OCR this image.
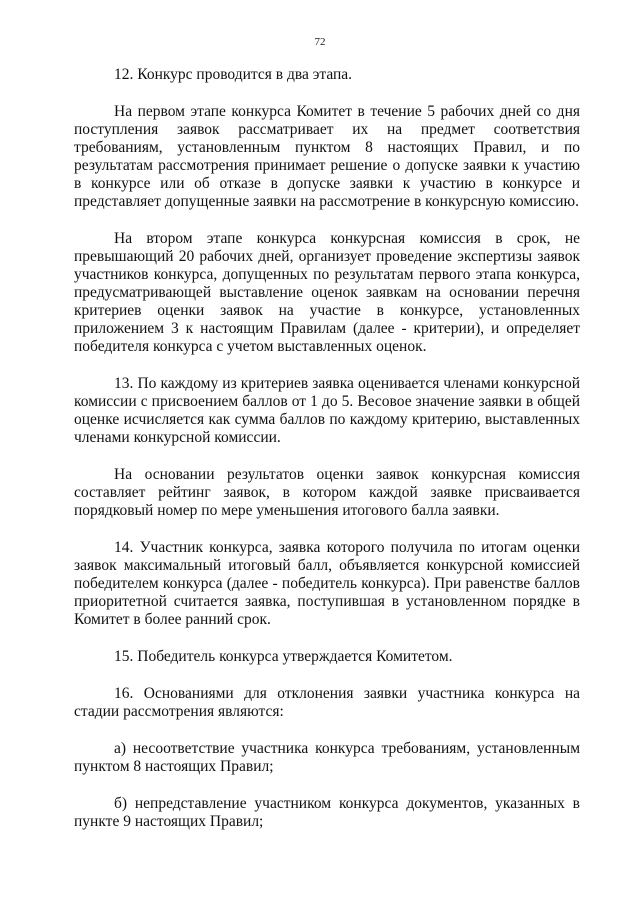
72

12. Конкурс проводится в два этапа.

На первом этапе конкурса Комитет в течение 5 рабочих дней со дня поступления заявок рассматривает их на предмет соответствия требованиям, установленным пунктом 8 настоящих Правил, и по результатам рассмотрения принимает решение о допуске заявки к участию в конкурсе или об отказе в допуске заявки к участию в конкурсе и представляет допущенные заявки на рассмотрение в конкурсную комиссию.

На втором этапе конкурса конкурсная комиссия в срок, не превышающий 20 рабочих дней, организует проведение экспертизы заявок участников конкурса, допущенных по результатам первого этапа конкурса, предусматривающей выставление оценок заявкам на основании перечня критериев оценки заявок на участие в конкурсе, установленных приложением 3 к настоящим Правилам (далее - критерии), и определяет победителя конкурса с учетом выставленных оценок.

13. По каждому из критериев заявка оценивается членами конкурсной комиссии с присвоением баллов от 1 до 5. Весовое значение заявки в общей оценке исчисляется как сумма баллов по каждому критерию, выставленных членами конкурсной комиссии.

На основании результатов оценки заявок конкурсная комиссия составляет рейтинг заявок, в котором каждой заявке присваивается порядковый номер по мере уменьшения итогового балла заявки.

14. Участник конкурса, заявка которого получила по итогам оценки заявок максимальный итоговый балл, объявляется конкурсной комиссией победителем конкурса (далее - победитель конкурса). При равенстве баллов приоритетной считается заявка, поступившая в установленном порядке в Комитет в более ранний срок.

15. Победитель конкурса утверждается Комитетом.

16. Основаниями для отклонения заявки участника конкурса на стадии рассмотрения являются:

а) несоответствие участника конкурса требованиям, установленным пунктом 8 настоящих Правил;

б) непредставление участником конкурса документов, указанных в пункте 9 настоящих Правил;
